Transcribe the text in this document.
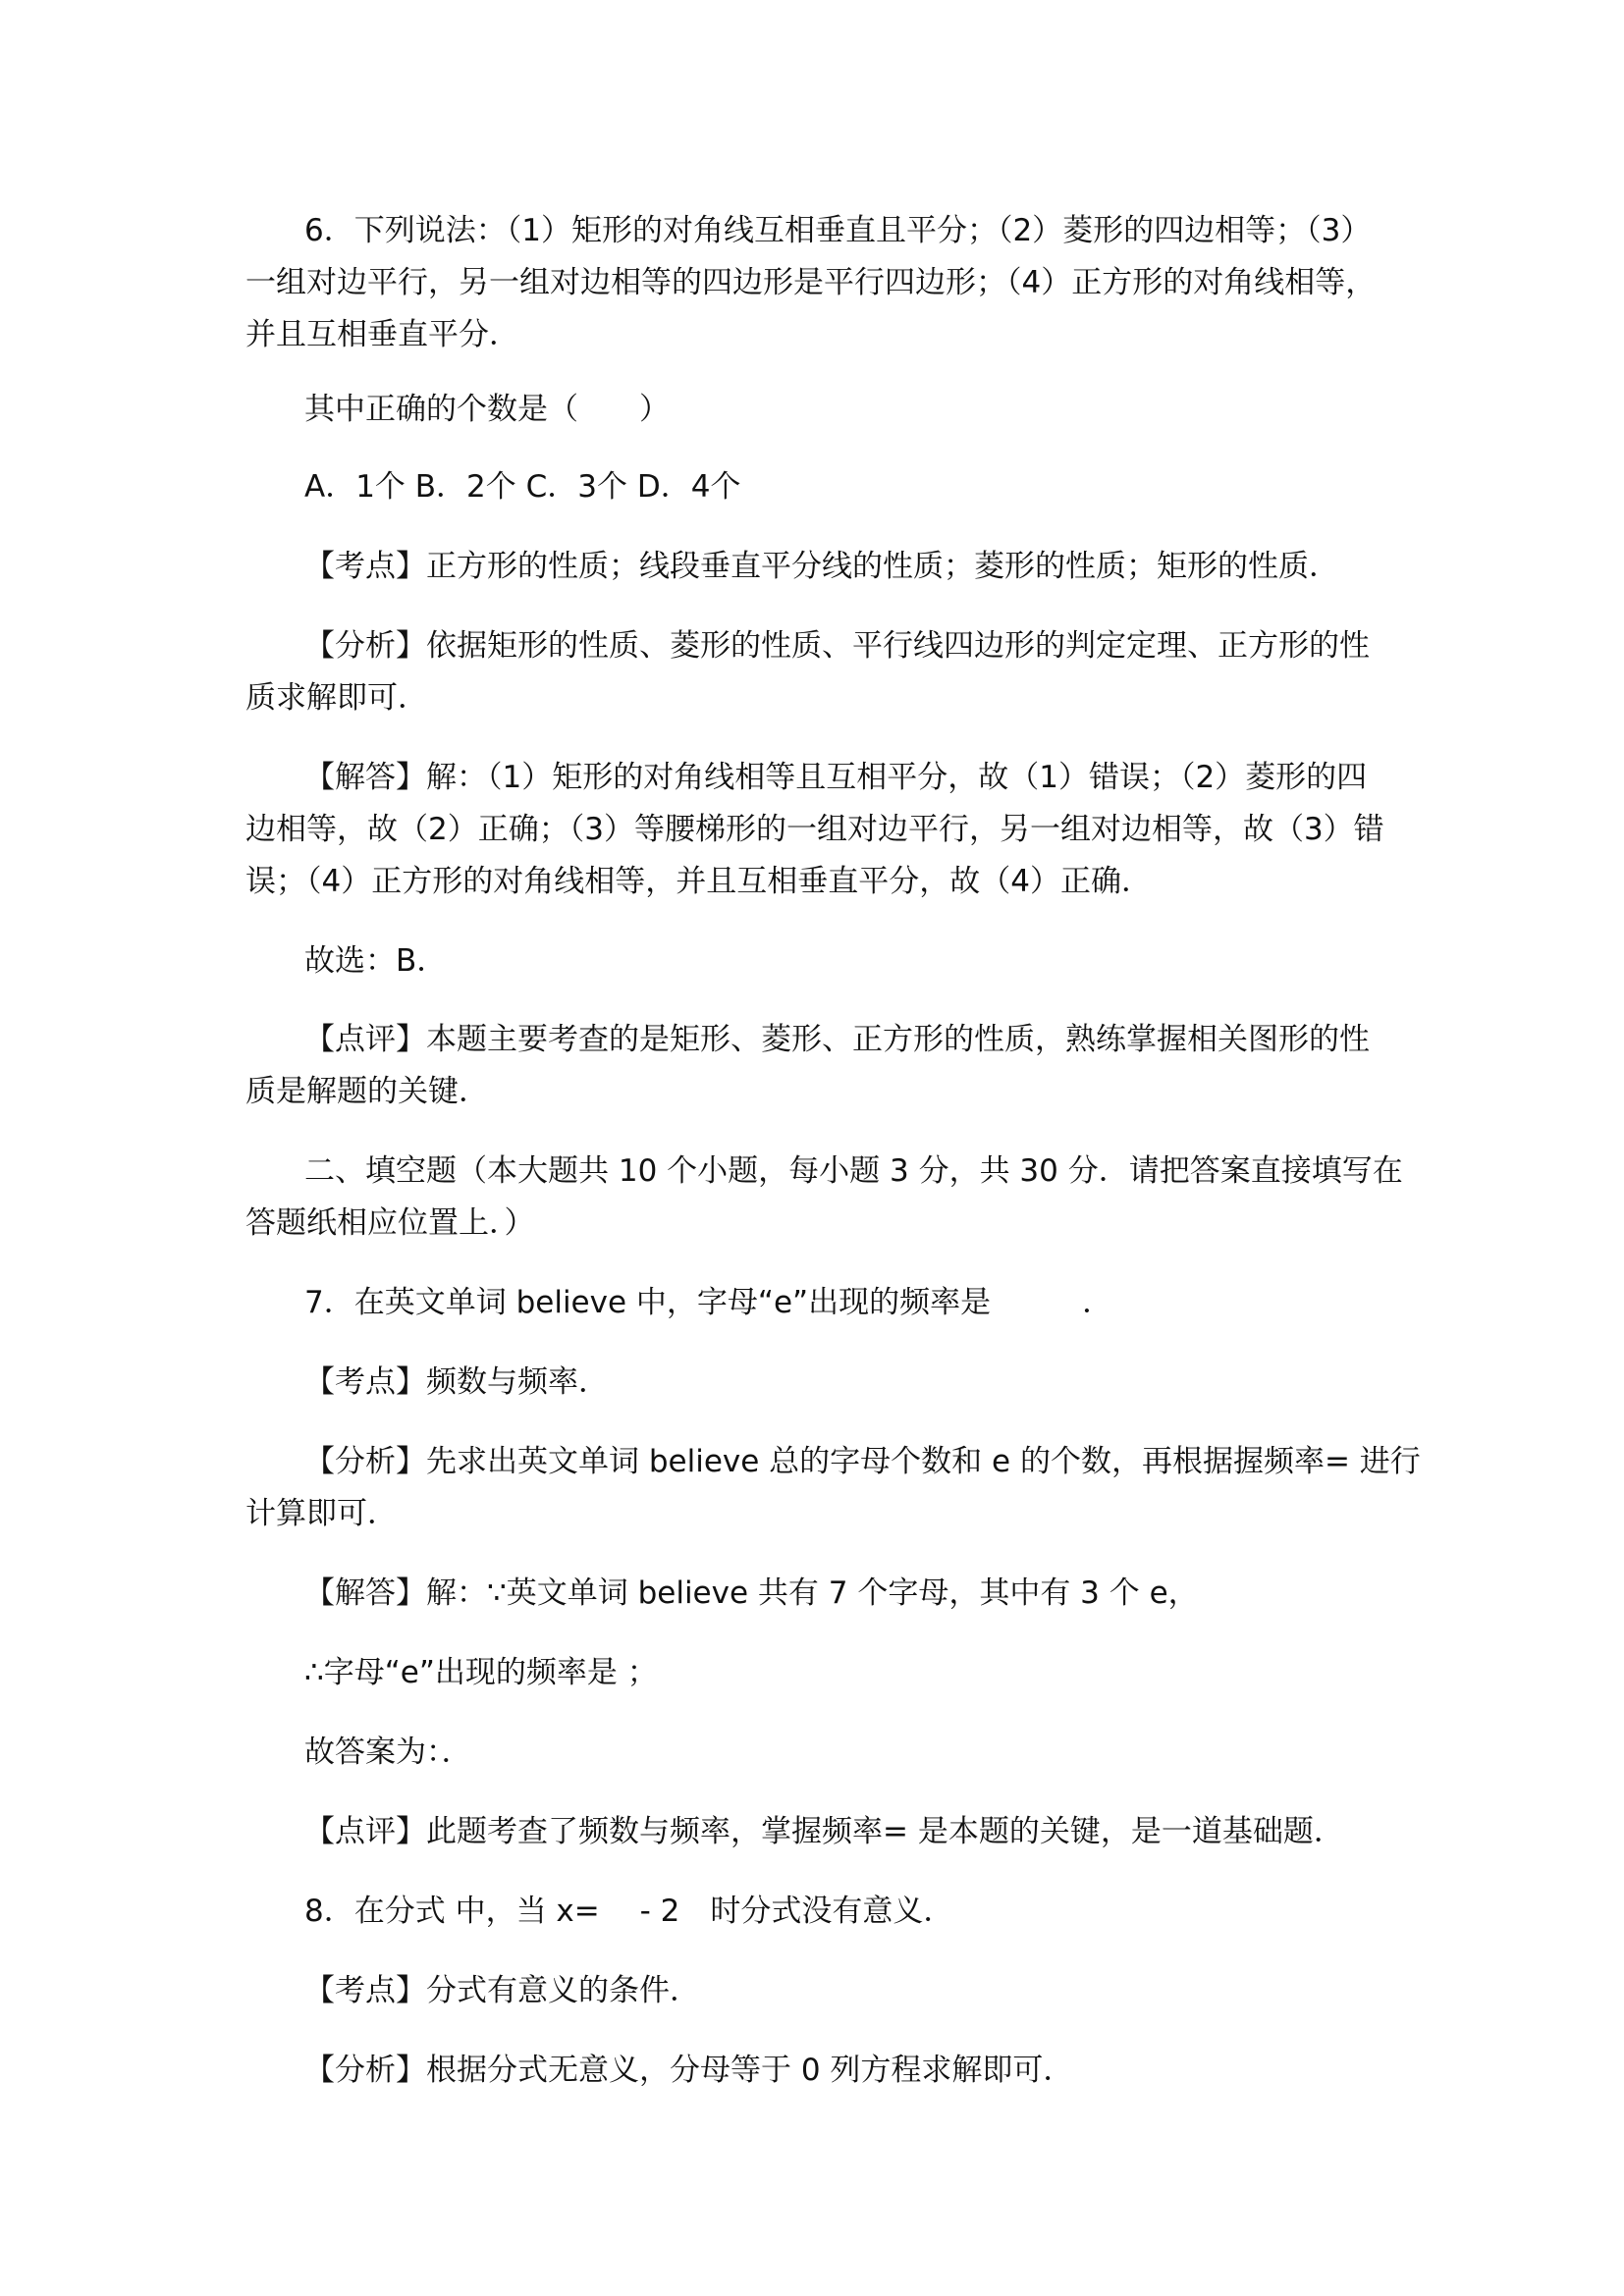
6．下列说法：（1）矩形的对角线互相垂直且平分；（2）菱形的四边相等；（3）

一组对边平行，另一组对边相等的四边形是平行四边形；（4）正方形的对角线相等，

并且互相垂直平分．

其中正确的个数是（　　）

A．1个 B．2个 C．3个 D．4个

【考点】正方形的性质；线段垂直平分线的性质；菱形的性质；矩形的性质．

【分析】依据矩形的性质、菱形的性质、平行线四边形的判定定理、正方形的性

质求解即可．

【解答】解：（1）矩形的对角线相等且互相平分，故（1）错误；（2）菱形的四

边相等，故（2）正确；（3）等腰梯形的一组对边平行，另一组对边相等，故（3）错

误；（4）正方形的对角线相等，并且互相垂直平分，故（4）正确．

故选：B．

【点评】本题主要考查的是矩形、菱形、正方形的性质，熟练掌握相关图形的性

质是解题的关键．

二、填空题（本大题共 10 个小题，每小题 3 分，共 30 分．请把答案直接填写在

答题纸相应位置上．）

7．在英文单词 believe 中，字母“e”出现的频率是　　　．

【考点】频数与频率．

【分析】先求出英文单词 believe 总的字母个数和 e 的个数，再根据握频率= 进行

计算即可．

【解答】解：∵英文单词 believe 共有 7 个字母，其中有 3 个 e，

∴字母“e”出现的频率是 ；

故答案为：．

【点评】此题考查了频数与频率，掌握频率= 是本题的关键，是一道基础题．

8．在分式 中，当 x=　 - 2　时分式没有意义．

【考点】分式有意义的条件．

【分析】根据分式无意义，分母等于 0 列方程求解即可．
